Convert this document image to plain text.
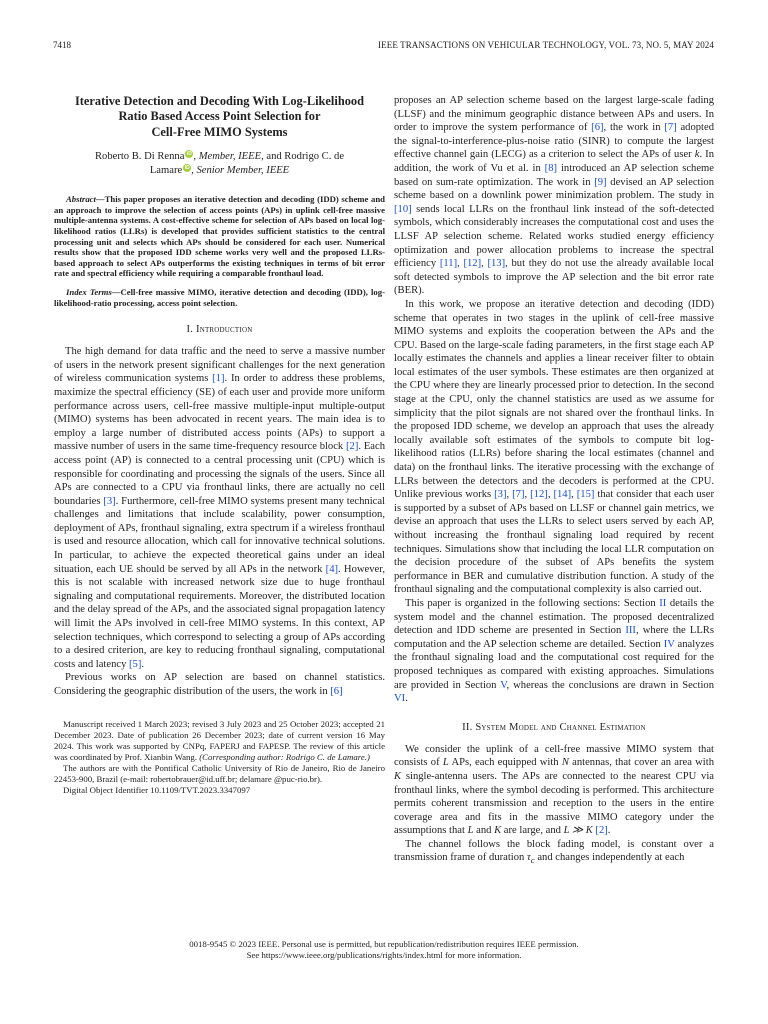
7418	IEEE TRANSACTIONS ON VEHICULAR TECHNOLOGY, VOL. 73, NO. 5, MAY 2024
Iterative Detection and Decoding With Log-Likelihood
Ratio Based Access Point Selection for
Cell-Free MIMO Systems
Roberto B. Di Renna iD , Member, IEEE, and Rodrigo C. de
Lamare iD , Senior Member, IEEE
Abstract—This paper proposes an iterative detection and decoding (IDD) scheme and an approach to improve the selection of access points (APs) in uplink cell-free massive multiple-antenna systems. A cost-effective scheme for selection of APs based on local log-likelihood ratios (LLRs) is developed that provides sufficient statistics to the central processing unit and selects which APs should be considered for each user. Numerical results show that the proposed IDD scheme works very well and the proposed LLRs-based approach to select APs outperforms the existing techniques in terms of bit error rate and spectral efficiency while requiring a comparable fronthaul load.
Index Terms—Cell-free massive MIMO, iterative detection and decoding (IDD), log-likelihood-ratio processing, access point selection.
I. Introduction

The high demand for data traffic and the need to serve a massive number of users in the network present significant challenges for the next generation of wireless communication systems [1]. In order to address these problems, maximize the spectral efficiency (SE) of each user and provide more uniform performance across users, cell-free massive multiple-input multiple-output (MIMO) systems has been advocated in recent years. The main idea is to employ a large number of distributed access points (APs) to support a massive number of users in the same time-frequency resource block [2]. Each access point (AP) is connected to a central processing unit (CPU) which is responsible for coordinating and processing the signals of the users. Since all APs are connected to a CPU via fronthaul links, there are actually no cell boundaries [3]. Furthermore, cell-free MIMO systems present many technical challenges and limitations that include scalability, power consumption, deployment of APs, fronthaul signaling, extra spectrum if a wireless fronthaul is used and resource allocation, which call for innovative technical solutions. In particular, to achieve the expected theoretical gains under an ideal situation, each UE should be served by all APs in the network [4]. However, this is not scalable with increased network size due to huge fronthaul signaling and computational requirements. Moreover, the distributed location and the delay spread of the APs, and the associated signal propagation latency will limit the APs involved in cell-free MIMO systems. In this context, AP selection techniques, which correspond to selecting a group of APs according to a desired criterion, are key to reducing fronthaul signaling, computational costs and latency [5].

Previous works on AP selection are based on channel statistics. Considering the geographic distribution of the users, the work in [6]

Manuscript received 1 March 2023; revised 3 July 2023 and 25 October 2023; accepted 21 December 2023. Date of publication 26 December 2023; date of current version 16 May 2024. This work was supported by CNPq, FAPERJ and FAPESP. The review of this article was coordinated by Prof. Xianbin Wang. (Corresponding author: Rodrigo C. de Lamare.)
The authors are with the Pontifical Catholic University of Rio de Janeiro, Rio de Janeiro 22453-900, Brazil (e-mail: robertobrauer@id.uff.br; delamare @puc-rio.br).
Digital Object Identifier 10.1109/TVT.2023.3347097

proposes an AP selection scheme based on the largest large-scale fading (LLSF) and the minimum geographic distance between APs and users. In order to improve the system performance of [6], the work in [7] adopted the signal-to-interference-plus-noise ratio (SINR) to compute the largest effective channel gain (LECG) as a criterion to select the APs of user k. In addition, the work of Vu et al. in [8] introduced an AP selection scheme based on sum-rate optimization. The work in [9] devised an AP selection scheme based on a downlink power minimization problem. The study in [10] sends local LLRs on the fronthaul link instead of the soft-detected symbols, which considerably increases the computational cost and uses the LLSF AP selection scheme. Related works studied energy efficiency optimization and power allocation problems to increase the spectral efficiency [11], [12], [13], but they do not use the already available local soft detected symbols to improve the AP selection and the bit error rate (BER).

In this work, we propose an iterative detection and decoding (IDD) scheme that operates in two stages in the uplink of cell-free massive MIMO systems and exploits the cooperation between the APs and the CPU. Based on the large-scale fading parameters, in the first stage each AP locally estimates the channels and applies a linear receiver filter to obtain local estimates of the user symbols. These estimates are then organized at the CPU where they are linearly processed prior to detection. In the second stage at the CPU, only the channel statistics are used as we assume for simplicity that the pilot signals are not shared over the fronthaul links. In the proposed IDD scheme, we develop an approach that uses the already locally available soft estimates of the symbols to compute bit log-likelihood ratios (LLRs) before sharing the local estimates (channel and data) on the fronthaul links. The iterative processing with the exchange of LLRs between the detectors and the decoders is performed at the CPU. Unlike previous works [3], [7], [12], [14], [15] that consider that each user is supported by a subset of APs based on LLSF or channel gain metrics, we devise an approach that uses the LLRs to select users served by each AP, without increasing the fronthaul signaling load required by recent techniques. Simulations show that including the local LLR computation on the decision procedure of the subset of APs benefits the system performance in BER and cumulative distribution function. A study of the fronthaul signaling and the computational complexity is also carried out.

This paper is organized in the following sections: Section II details the system model and the channel estimation. The proposed decentralized detection and IDD scheme are presented in Section III, where the LLRs computation and the AP selection scheme are detailed. Section IV analyzes the fronthaul signaling load and the computational cost required for the proposed techniques as compared with existing approaches. Simulations are provided in Section V, whereas the conclusions are drawn in Section VI.

II. System Model and Channel Estimation

We consider the uplink of a cell-free massive MIMO system that consists of L APs, each equipped with N antennas, that cover an area with K single-antenna users. The APs are connected to the nearest CPU via fronthaul links, where the symbol decoding is performed. This architecture permits coherent transmission and reception to the users in the entire coverage area and fits in the massive MIMO category under the assumptions that L and K are large, and L ≫ K [2].

The channel follows the block fading model, is constant over a transmission frame of duration $\tau_c$ and changes independently at each

0018-9545 © 2023 IEEE. Personal use is permitted, but republication/redistribution requires IEEE permission.
See https://www.ieee.org/publications/rights/index.html for more information.
